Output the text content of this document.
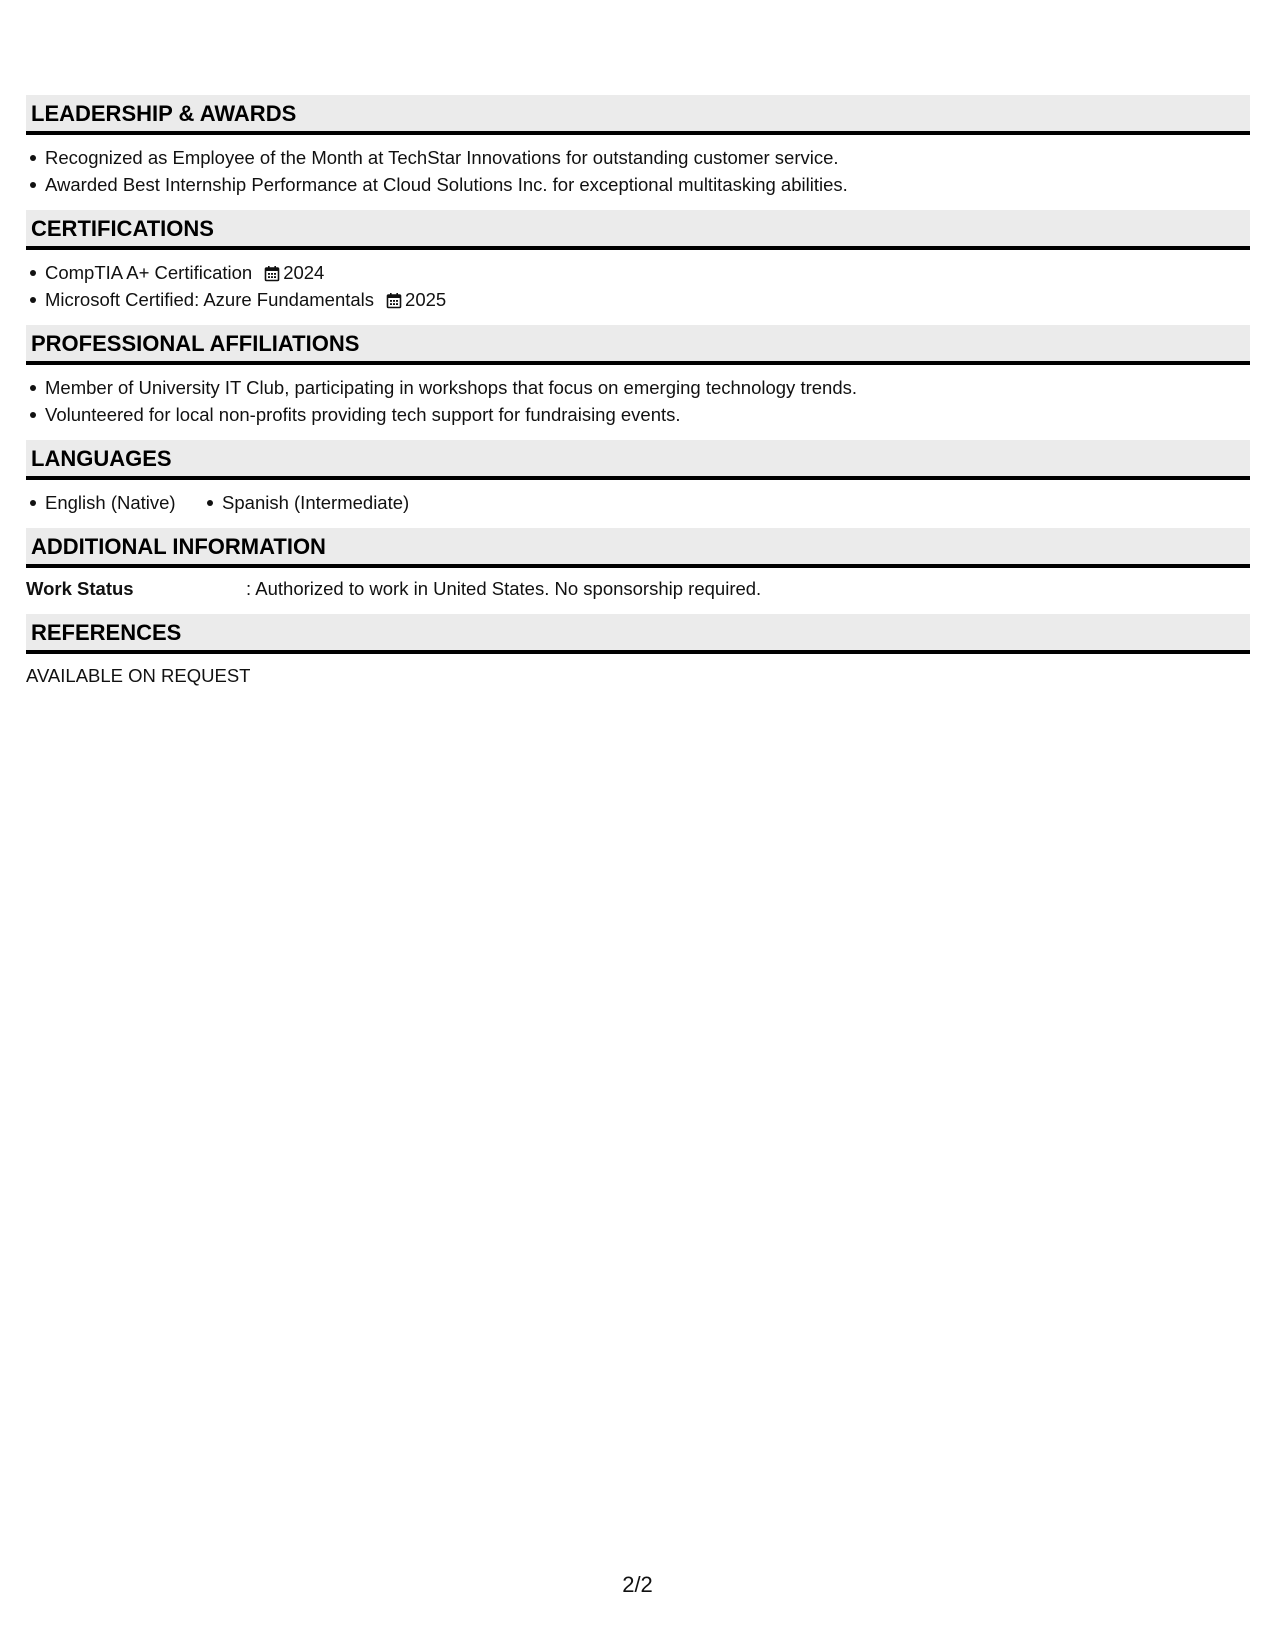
LEADERSHIP & AWARDS
Recognized as Employee of the Month at TechStar Innovations for outstanding customer service.
Awarded Best Internship Performance at Cloud Solutions Inc. for exceptional multitasking abilities.
CERTIFICATIONS
CompTIA A+ Certification 2024
Microsoft Certified: Azure Fundamentals 2025
PROFESSIONAL AFFILIATIONS
Member of University IT Club, participating in workshops that focus on emerging technology trends.
Volunteered for local non-profits providing tech support for fundraising events.
LANGUAGES
English (Native)	Spanish (Intermediate)
ADDITIONAL INFORMATION
Work Status	: Authorized to work in United States. No sponsorship required.
REFERENCES
AVAILABLE ON REQUEST
2/2
